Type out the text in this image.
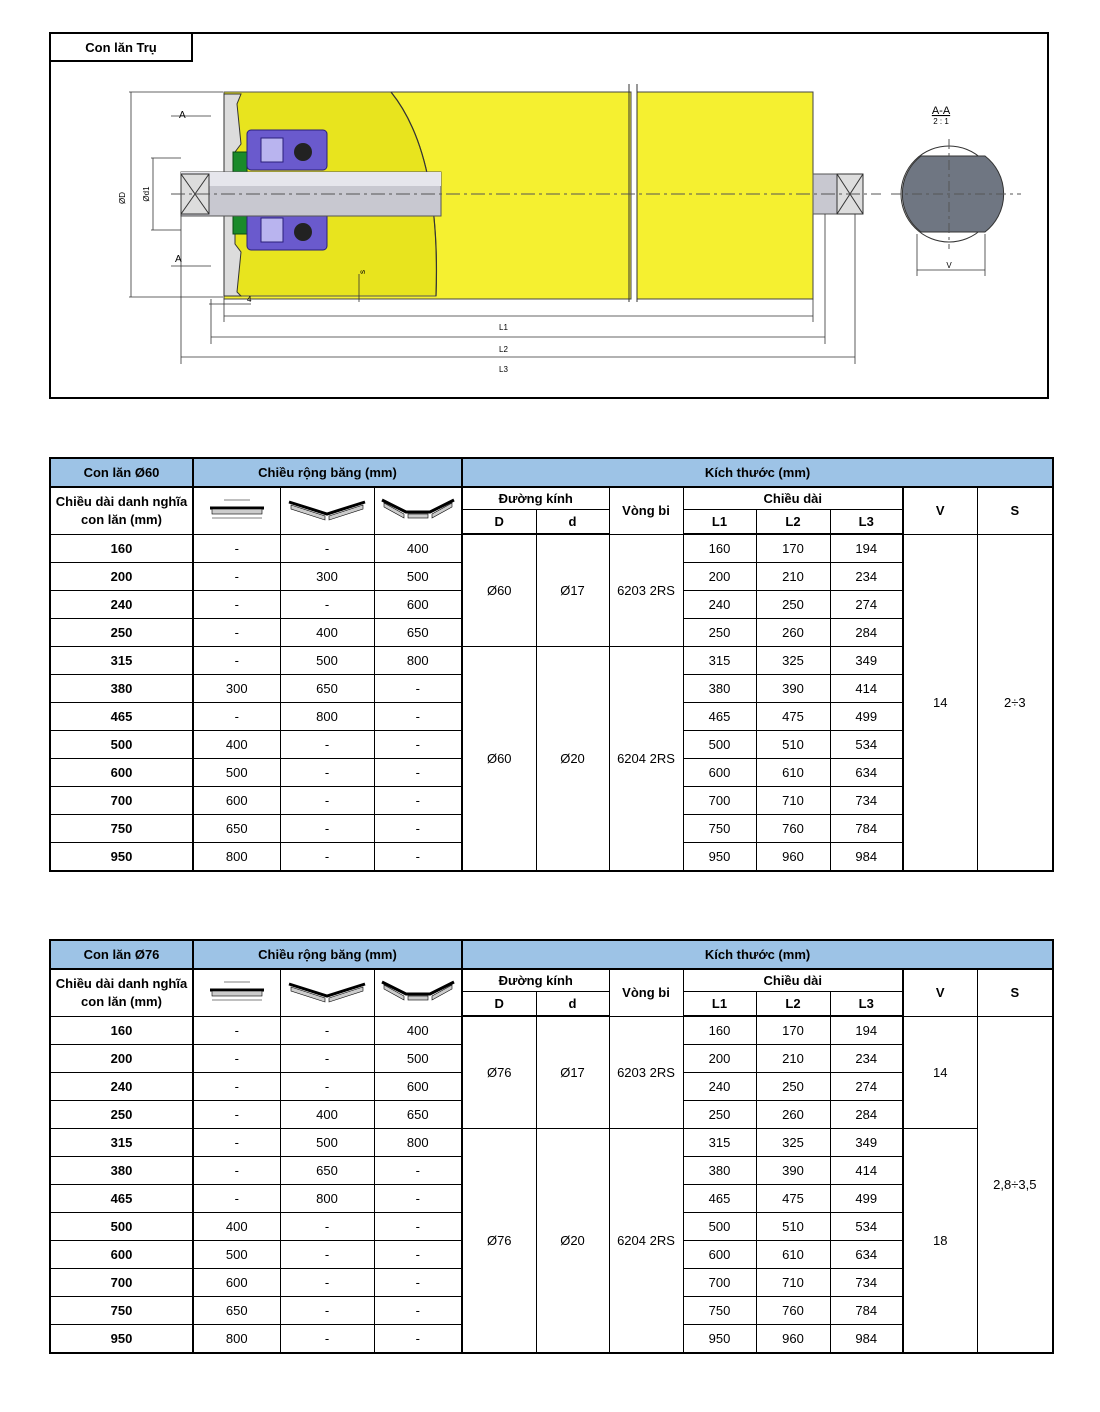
Con lăn Trụ
ØD Ød1
s
4
L1
L2
L3
A
A
A-A
2 : 1
V
Con lăn Ø60	Chiều rộng băng (mm)			Kích thước (mm)							
Chiều dài danh nghĩa con lăn (mm)				Đường kính		Vòng bi	Chiều dài			V	S
				D	d		L1	L2	L3		
160	-	-	400	Ø60	Ø17	6203 2RS	160	170	194	14	2÷3
200	-	300	500				200	210	234		
240	-	-	600				240	250	274		
250	-	400	650				250	260	284		
315	-	500	800	Ø60	Ø20	6204 2RS	315	325	349		
380	300	650	-				380	390	414		
465	-	800	-				465	475	499		
500	400	-	-				500	510	534		
600	500	-	-				600	610	634		
700	600	-	-				700	710	734		
750	650	-	-				750	760	784		
950	800	-	-				950	960	984		
Con lăn Ø76	Chiều rộng băng (mm)			Kích thước (mm)							
Chiều dài danh nghĩa con lăn (mm)				Đường kính		Vòng bi	Chiều dài			V	S
				D	d		L1	L2	L3		
160	-	-	400	Ø76	Ø17	6203 2RS	160	170	194	14	2,8÷3,5
200	-	-	500				200	210	234		
240	-	-	600				240	250	274		
250	-	400	650				250	260	284		
315	-	500	800	Ø76	Ø20	6204 2RS	315	325	349	18	
380	-	650	-				380	390	414		
465	-	800	-				465	475	499		
500	400	-	-				500	510	534		
600	500	-	-				600	610	634		
700	600	-	-				700	710	734		
750	650	-	-				750	760	784		
950	800	-	-				950	960	984		
